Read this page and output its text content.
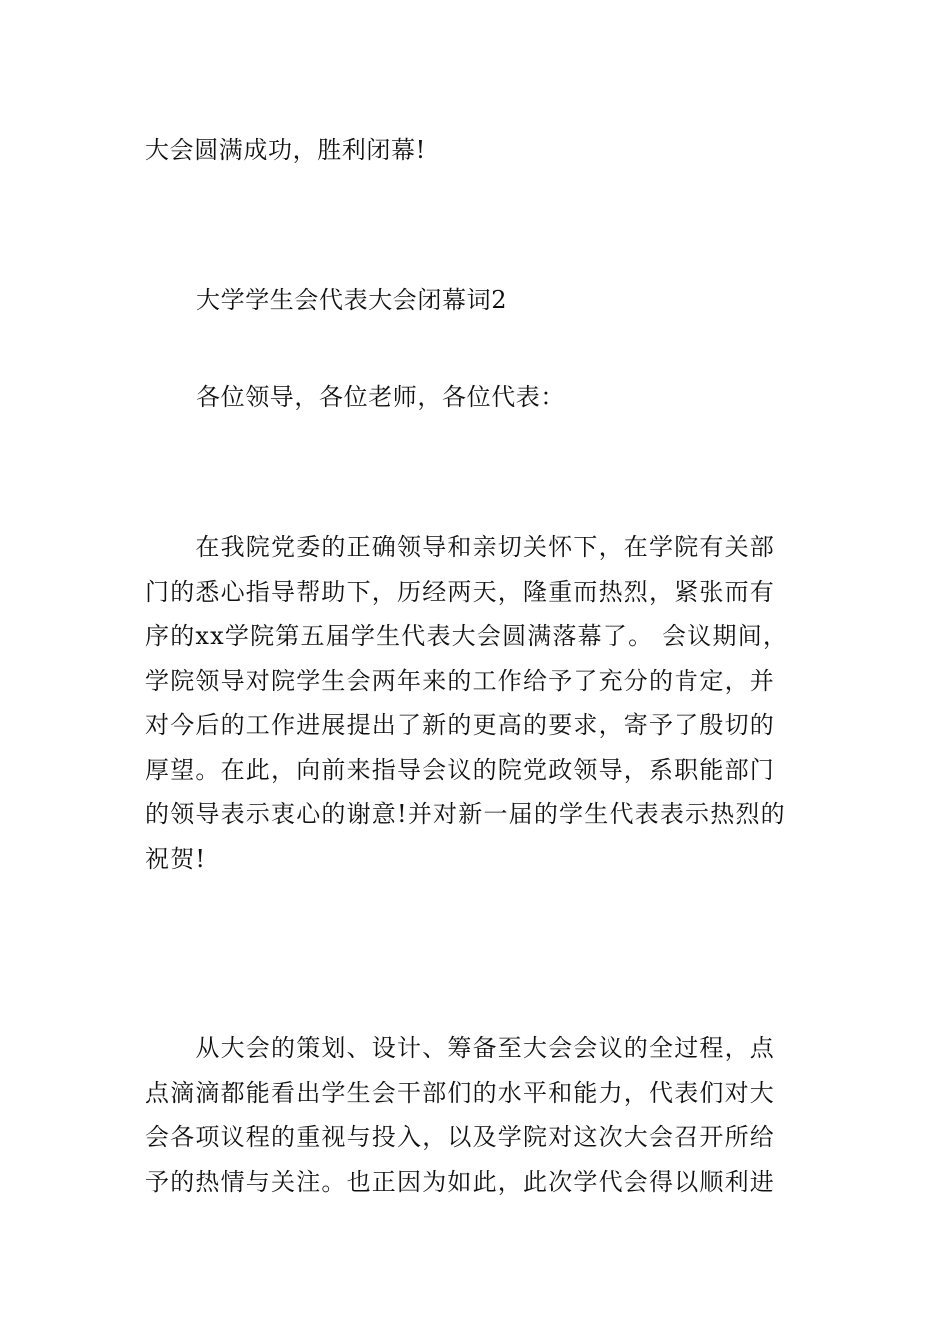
大会圆满成功，胜利闭幕!
大学学生会代表大会闭幕词2
各位领导，各位老师，各位代表：
　　在我院党委的正确领导和亲切关怀下，在学院有关部
门的悉心指导帮助下，历经两天，隆重而热烈，紧张而有
序的xx学院第五届学生代表大会圆满落幕了。 会议期间，
学院领导对院学生会两年来的工作给予了充分的肯定，并
对今后的工作进展提出了新的更高的要求，寄予了殷切的
厚望。在此，向前来指导会议的院党政领导，系职能部门
的领导表示衷心的谢意!并对新一届的学生代表表示热烈的
祝贺!
　　从大会的策划、设计、筹备至大会会议的全过程，点
点滴滴都能看出学生会干部们的水平和能力，代表们对大
会各项议程的重视与投入，以及学院对这次大会召开所给
予的热情与关注。也正因为如此，此次学代会得以顺利进
